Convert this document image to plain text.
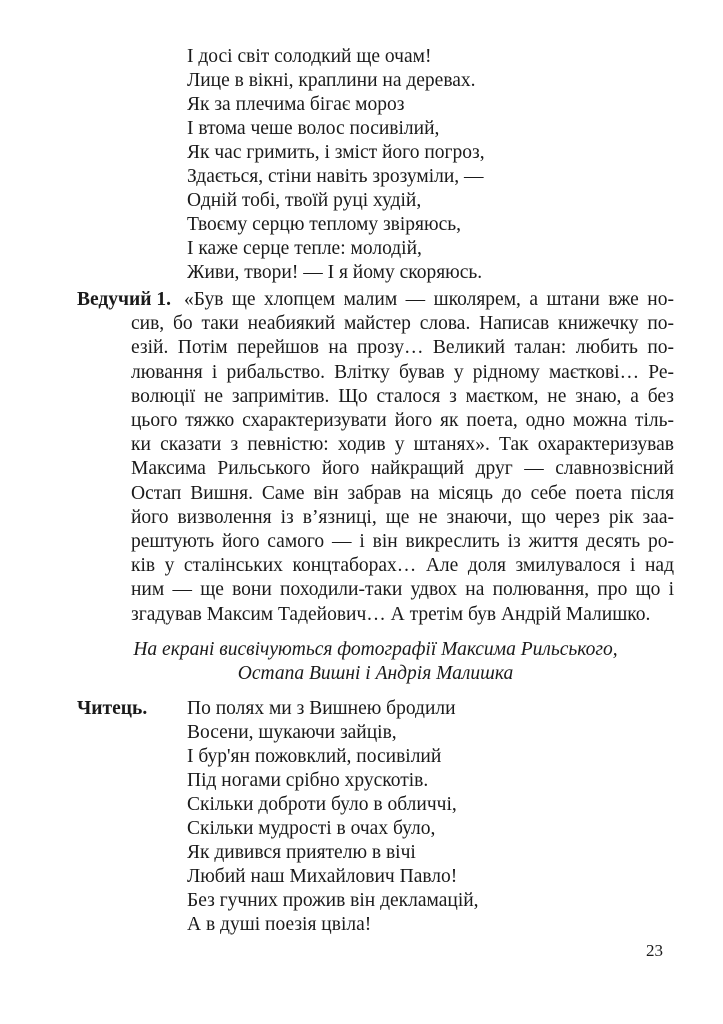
І досі світ солодкий ще очам!
Лице в вікні, краплини на деревах.
Як за плечима бігає мороз
І втома чеше волос посивілий,
Як час гримить, і зміст його погроз,
Здається, стіни навіть зрозуміли, —
Одній тобі, твоїй руці худій,
Твоєму серцю теплому звіряюсь,
І каже серце тепле: молодій,
Живи, твори! — І я йому скоряюсь.
Ведучий 1. «Був ще хлопцем малим — школярем, а штани вже но-
сив, бо таки неабиякий майстер слова. Написав книжечку по-
езій. Потім перейшов на прозу… Великий талан: любить по-
лювання і рибальство. Влітку бував у рідному маєткові… Ре-
волюції не запримітив. Що сталося з маєтком, не знаю, а без
цього тяжко схарактеризувати його як поета, одно можна тіль-
ки сказати з певністю: ходив у штанях». Так охарактеризував
Максима Рильського його найкращий друг — славнозвісний
Остап Вишня. Саме він забрав на місяць до себе поета після
його визволення із в’язниці, ще не знаючи, що через рік заа-
рештують його самого — і він викреслить із життя десять ро-
ків у сталінських концтаборах… Але доля змилувалося і над
ним — ще вони походили-таки удвох на полювання, про що і
згадував Максим Тадейович… А третім був Андрій Малишко.
На екрані висвічуються фотографії Максима Рильського,
Остапа Вишні і Андрія Малишка
Читець. По полях ми з Вишнею бродили
Восени, шукаючи зайців,
І бур'ян пожовклий, посивілий
Під ногами срібно хрускотів.
Скільки доброти було в обличчі,
Скільки мудрості в очах було,
Як дивився приятелю в вічі
Любий наш Михайлович Павло!
Без гучних прожив він декламацій,
А в душі поезія цвіла!
23
